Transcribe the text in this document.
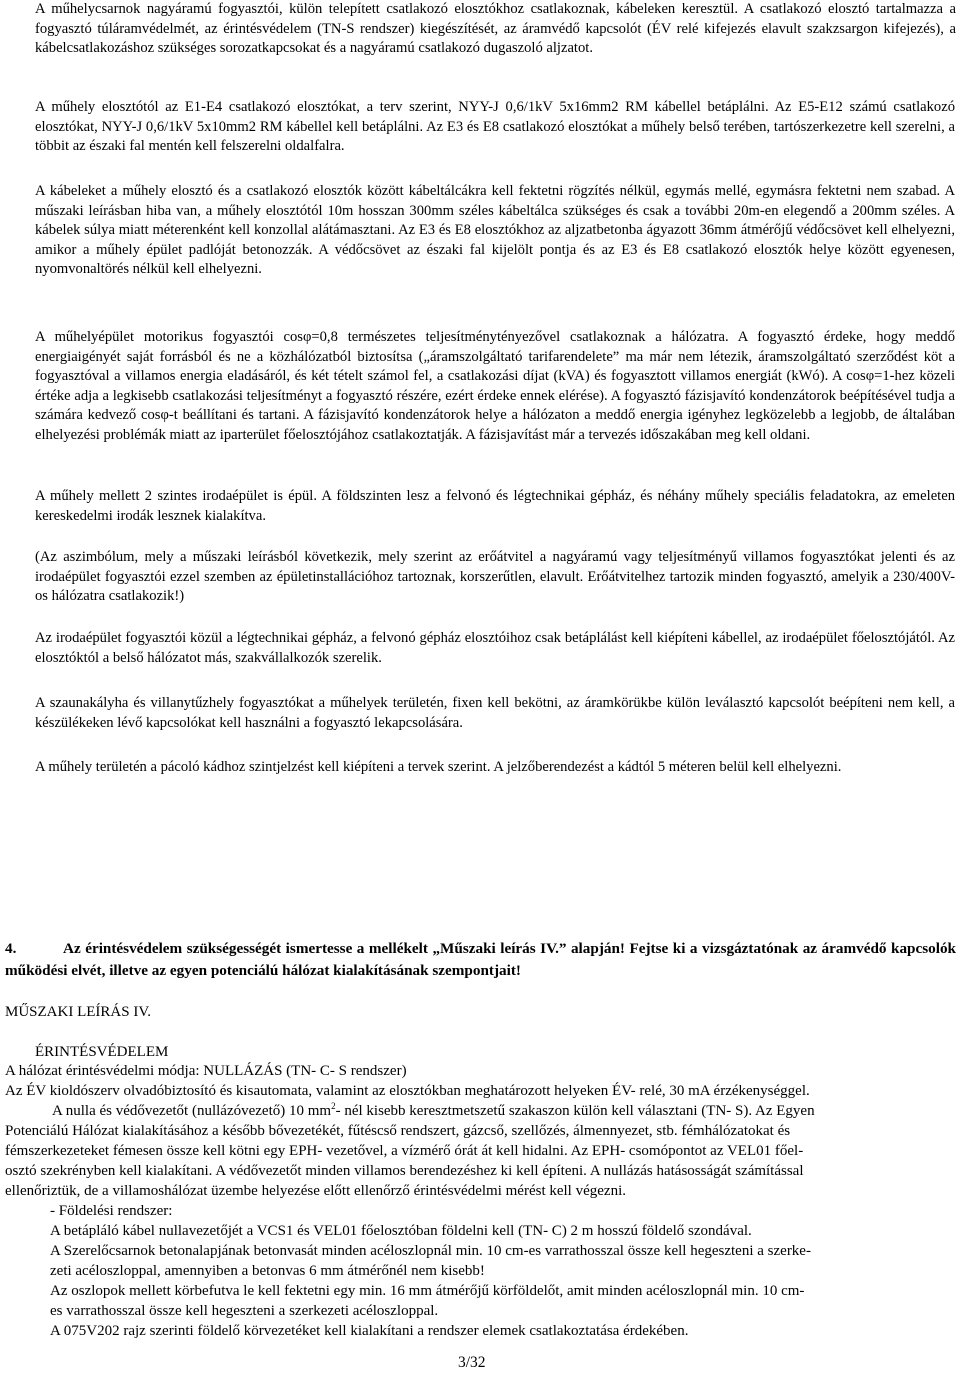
A műhelycsarnok nagyáramú fogyasztói, külön telepített csatlakozó elosztókhoz csatlakoznak, kábeleken keresztül. A csatlakozó elosztó tartalmazza a fogyasztó túláramvédelmét, az érintésvédelem (TN-S rendszer) kiegészítését, az áramvédő kapcsolót (ÉV relé kifejezés elavult szakzsargon kifejezés), a kábelcsatlakozáshoz szükséges sorozatkapcsokat és a nagyáramú csatlakozó dugaszoló aljzatot.
A műhely elosztótól az E1-E4 csatlakozó elosztókat, a terv szerint, NYY-J 0,6/1kV 5x16mm2 RM kábellel betáplálni. Az E5-E12 számú csatlakozó elosztókat, NYY-J 0,6/1kV 5x10mm2 RM kábellel kell betáplálni. Az E3 és E8 csatlakozó elosztókat a műhely belső terében, tartószerkezetre kell szerelni, a többit az északi fal mentén kell felszerelni oldalfalra.
A kábeleket a műhely elosztó és a csatlakozó elosztók között kábeltálcákra kell fektetni rögzítés nélkül, egymás mellé, egymásra fektetni nem szabad. A műszaki leírásban hiba van, a műhely elosztótól 10m hosszan 300mm széles kábeltálca szükséges és csak a további 20m-en elegendő a 200mm széles. A kábelek súlya miatt méterenként kell konzollal alátámasztani. Az E3 és E8 elosztókhoz az aljzatbetonba ágyazott 36mm átmérőjű védőcsövet kell elhelyezni, amikor a műhely épület padlóját betonozzák. A védőcsövet az északi fal kijelölt pontja és az E3 és E8 csatlakozó elosztók helye között egyenesen, nyomvonaltörés nélkül kell elhelyezni.
A műhelyépület motorikus fogyasztói cosφ=0,8 természetes teljesítménytényezővel csatlakoznak a hálózatra. A fogyasztó érdeke, hogy meddő energiaigényét saját forrásból és ne a közhálózatból biztosítsa („áramszolgáltató tarifarendelete” ma már nem létezik, áramszolgáltató szerződést köt a fogyasztóval a villamos energia eladásáról, és két tételt számol fel, a csatlakozási díjat (kVA) és fogyasztott villamos energiát (kWó). A cosφ=1-hez közeli értéke adja a legkisebb csatlakozási teljesítményt a fogyasztó részére, ezért érdeke ennek elérése). A fogyasztó fázisjavító kondenzátorok beépítésével tudja a számára kedvező cosφ-t beállítani és tartani. A fázisjavító kondenzátorok helye a hálózaton a meddő energia igényhez legközelebb a legjobb, de általában elhelyezési problémák miatt az iparterület főelosztójához csatlakoztatják. A fázisjavítást már a tervezés időszakában meg kell oldani.
A műhely mellett 2 szintes irodaépület is épül. A földszinten lesz a felvonó és légtechnikai gépház, és néhány műhely speciális feladatokra, az emeleten kereskedelmi irodák lesznek kialakítva.
(Az aszimbólum, mely a műszaki leírásból következik, mely szerint az erőátvitel a nagyáramú vagy teljesítményű villamos fogyasztókat jelenti és az irodaépület fogyasztói ezzel szemben az épületinstallációhoz tartoznak, korszerűtlen, elavult. Erőátvitelhez tartozik minden fogyasztó, amelyik a 230/400V-os hálózatra csatlakozik!)
Az irodaépület fogyasztói közül a légtechnikai gépház, a felvonó gépház elosztóihoz csak betáplálást kell kiépíteni kábellel, az irodaépület főelosztójától. Az elosztóktól a belső hálózatot más, szakvállalkozók szerelik.
A szaunakályha és villanytűzhely fogyasztókat a műhelyek területén, fixen kell bekötni, az áramkörükbe külön leválasztó kapcsolót beépíteni nem kell, a készülékeken lévő kapcsolókat kell használni a fogyasztó lekapcsolására.
A műhely területén a pácoló kádhoz szintjelzést kell kiépíteni a tervek szerint. A jelzőberendezést a kádtól 5 méteren belül kell elhelyezni.
4.	Az érintésvédelem szükségességét ismertesse a mellékelt „Műszaki leírás IV.” alapján! Fejtse ki a vizsgáztatónak az áramvédő kapcsolók működési elvét, illetve az egyen potenciálú hálózat kialakításának szempontjait!
MŰSZAKI LEÍRÁS IV.
ÉRINTÉSVÉDELEM
A hálózat érintésvédelmi módja: NULLÁZÁS (TN- C- S rendszer)
Az ÉV kioldószerv olvadóbiztosító és kisautomata, valamint az elosztókban meghatározott helyeken ÉV- relé, 30 mA érzékenységgel.
A nulla és védővezetőt (nullázóvezető) 10 $mm^2-$ nél kisebb keresztmetszetű szakaszon külön kell választani (TN- S). Az Egyen
Potenciálú Hálózat kialakításához a később bővezetékét, fűtéscső rendszert, gázcső, szellőzés, álmennyezet, stb. fémhálózatokat és
fémszerkezeteket fémesen össze kell kötni egy EPH- vezetővel, a vízmérő órát át kell hidalni. Az EPH- csomópontot az VEL01 főel-
osztó szekrényben kell kialakítani. A védővezetőt minden villamos berendezéshez ki kell építeni. A nullázás hatásosságát számítással
ellenőriztük, de a villamoshálózat üzembe helyezése előtt ellenőrző érintésvédelmi mérést kell végezni.
- Földelési rendszer:
A betápláló kábel nullavezetőjét a VCS1 és VEL01 főelosztóban földelni kell (TN- C) 2 m hosszú földelő szondával.
A Szerelőcsarnok betonalapjának betonvasát minden acéloszlopnál min. 10 cm-es varrathosszal össze kell hegeszteni a szerke-
zeti acéloszloppal, amennyiben a betonvas 6 mm átmérőnél nem kisebb!
Az oszlopok mellett körbefutva le kell fektetni egy min. 16 mm átmérőjű körföldelőt, amit minden acéloszlopnál min. 10 cm-
es varrathosszal össze kell hegeszteni a szerkezeti acéloszloppal.
A 075V202 rajz szerinti földelő körvezetéket kell kialakítani a rendszer elemek csatlakoztatása érdekében.
3/32
